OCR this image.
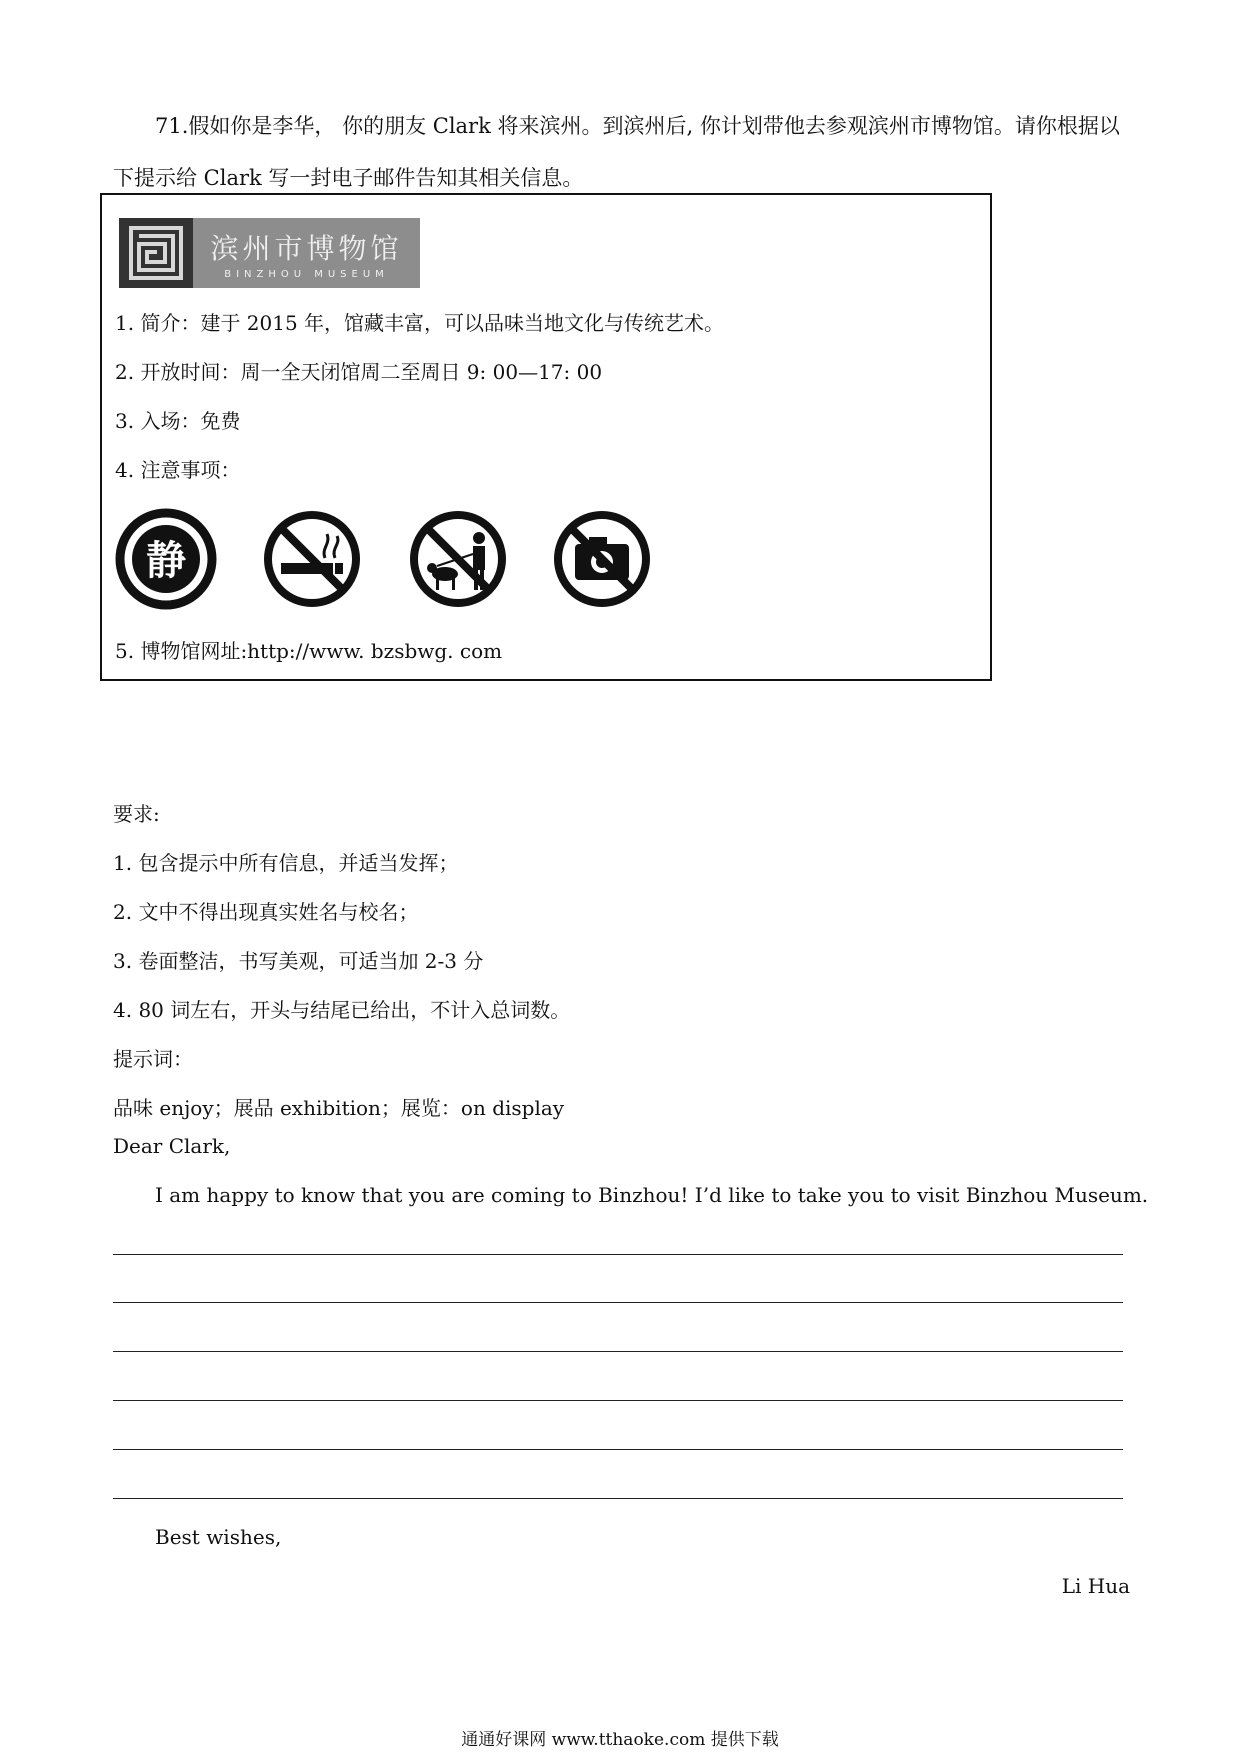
71.假如你是李华， 你的朋友 Clark 将来滨州。到滨州后, 你计划带他去参观滨州市博物馆。请你根据以下提示给 Clark 写一封电子邮件告知其相关信息。
滨州市博物馆
BINZHOU MUSEUM
1. 简介：建于 2015 年，馆藏丰富，可以品味当地文化与传统艺术。
2. 开放时间：周一全天闭馆周二至周日 9: 00—17: 00
3. 入场：免费
4. 注意事项：
静
5. 博物馆网址:http://www. bzsbwg. com
要求:
1. 包含提示中所有信息，并适当发挥；
2. 文中不得出现真实姓名与校名；
3. 卷面整洁，书写美观，可适当加 2-3 分
4. 80 词左右，开头与结尾已给出，不计入总词数。
提示词：
品味 enjoy；展品 exhibition；展览：on display
Dear Clark,
I am happy to know that you are coming to Binzhou! I’d like to take you to visit Binzhou Museum.
Best wishes,
Li Hua
通通好课网 www.tthaoke.com 提供下载
